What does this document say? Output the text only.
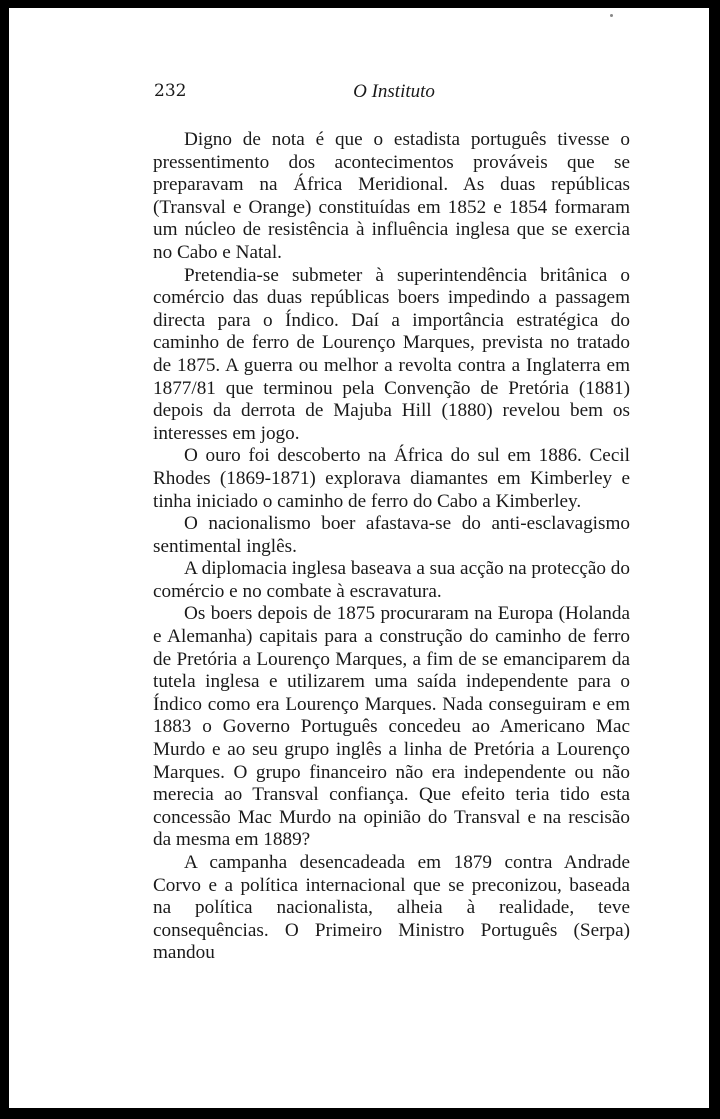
232	O Instituto

Digno de nota é que o estadista português tivesse o pressentimento dos acontecimentos prováveis que se preparavam na África Meridional. As duas repúblicas (Transval e Orange) constituídas em 1852 e 1854 formaram um núcleo de resistência à influência inglesa que se exercia no Cabo e Natal.

Pretendia-se submeter à superintendência britânica o comércio das duas repúblicas boers impedindo a passagem directa para o Índico. Daí a importância estratégica do caminho de ferro de Lourenço Marques, prevista no tratado de 1875. A guerra ou melhor a revolta contra a Inglaterra em 1877/81 que terminou pela Convenção de Pretória (1881) depois da derrota de Majuba Hill (1880) revelou bem os interesses em jogo.

O ouro foi descoberto na África do sul em 1886. Cecil Rhodes (1869-1871) explorava diamantes em Kimberley e tinha iniciado o caminho de ferro do Cabo a Kimberley.

O nacionalismo boer afastava-se do anti-esclavagismo sentimental inglês.

A diplomacia inglesa baseava a sua acção na protecção do comércio e no combate à escravatura.

Os boers depois de 1875 procuraram na Europa (Holanda e Alemanha) capitais para a construção do caminho de ferro de Pretória a Lourenço Marques, a fim de se emanciparem da tutela inglesa e utilizarem uma saída independente para o Índico como era Lourenço Marques. Nada conseguiram e em 1883 o Governo Português concedeu ao Americano Mac Murdo e ao seu grupo inglês a linha de Pretória a Lourenço Marques. O grupo financeiro não era independente ou não merecia ao Transval confiança. Que efeito teria tido esta concessão Mac Murdo na opinião do Transval e na rescisão da mesma em 1889?

A campanha desencadeada em 1879 contra Andrade Corvo e a política internacional que se preconizou, baseada na política nacionalista, alheia à realidade, teve consequências. O Primeiro Ministro Português (Serpa) mandou
